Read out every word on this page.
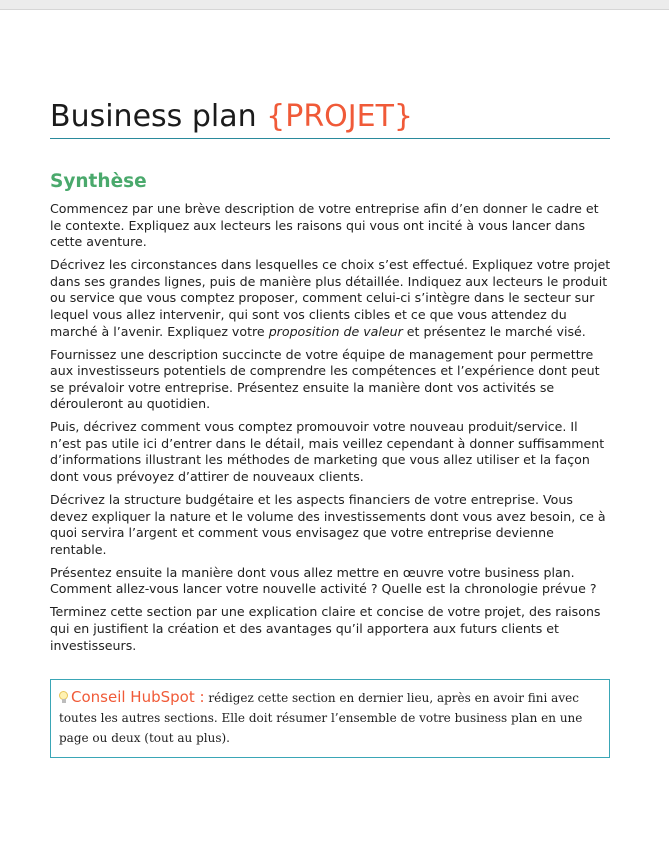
Business plan {PROJET}
Synthèse

Commencez par une brève description de votre entreprise afin d’en donner le cadre et le contexte. Expliquez aux lecteurs les raisons qui vous ont incité à vous lancer dans cette aventure.

Décrivez les circonstances dans lesquelles ce choix s’est effectué. Expliquez votre projet dans ses grandes lignes, puis de manière plus détaillée. Indiquez aux lecteurs le produit ou service que vous comptez proposer, comment celui-ci s’intègre dans le secteur sur lequel vous allez intervenir, qui sont vos clients cibles et ce que vous attendez du marché à l’avenir. Expliquez votre proposition de valeur et présentez le marché visé.

Fournissez une description succincte de votre équipe de management pour permettre aux investisseurs potentiels de comprendre les compétences et l’expérience dont peut se prévaloir votre entreprise. Présentez ensuite la manière dont vos activités se dérouleront au quotidien.

Puis, décrivez comment vous comptez promouvoir votre nouveau produit/service. Il n’est pas utile ici d’entrer dans le détail, mais veillez cependant à donner suffisamment d’informations illustrant les méthodes de marketing que vous allez utiliser et la façon dont vous prévoyez d’attirer de nouveaux clients.

Décrivez la structure budgétaire et les aspects financiers de votre entreprise. Vous devez expliquer la nature et le volume des investissements dont vous avez besoin, ce à quoi servira l’argent et comment vous envisagez que votre entreprise devienne rentable.

Présentez ensuite la manière dont vous allez mettre en œuvre votre business plan. Comment allez-vous lancer votre nouvelle activité ? Quelle est la chronologie prévue ?

Terminez cette section par une explication claire et concise de votre projet, des raisons qui en justifient la création et des avantages qu’il apportera aux futurs clients et investisseurs.

Conseil HubSpot : rédigez cette section en dernier lieu, après en avoir fini avec toutes les autres sections. Elle doit résumer l’ensemble de votre business plan en une page ou deux (tout au plus).
